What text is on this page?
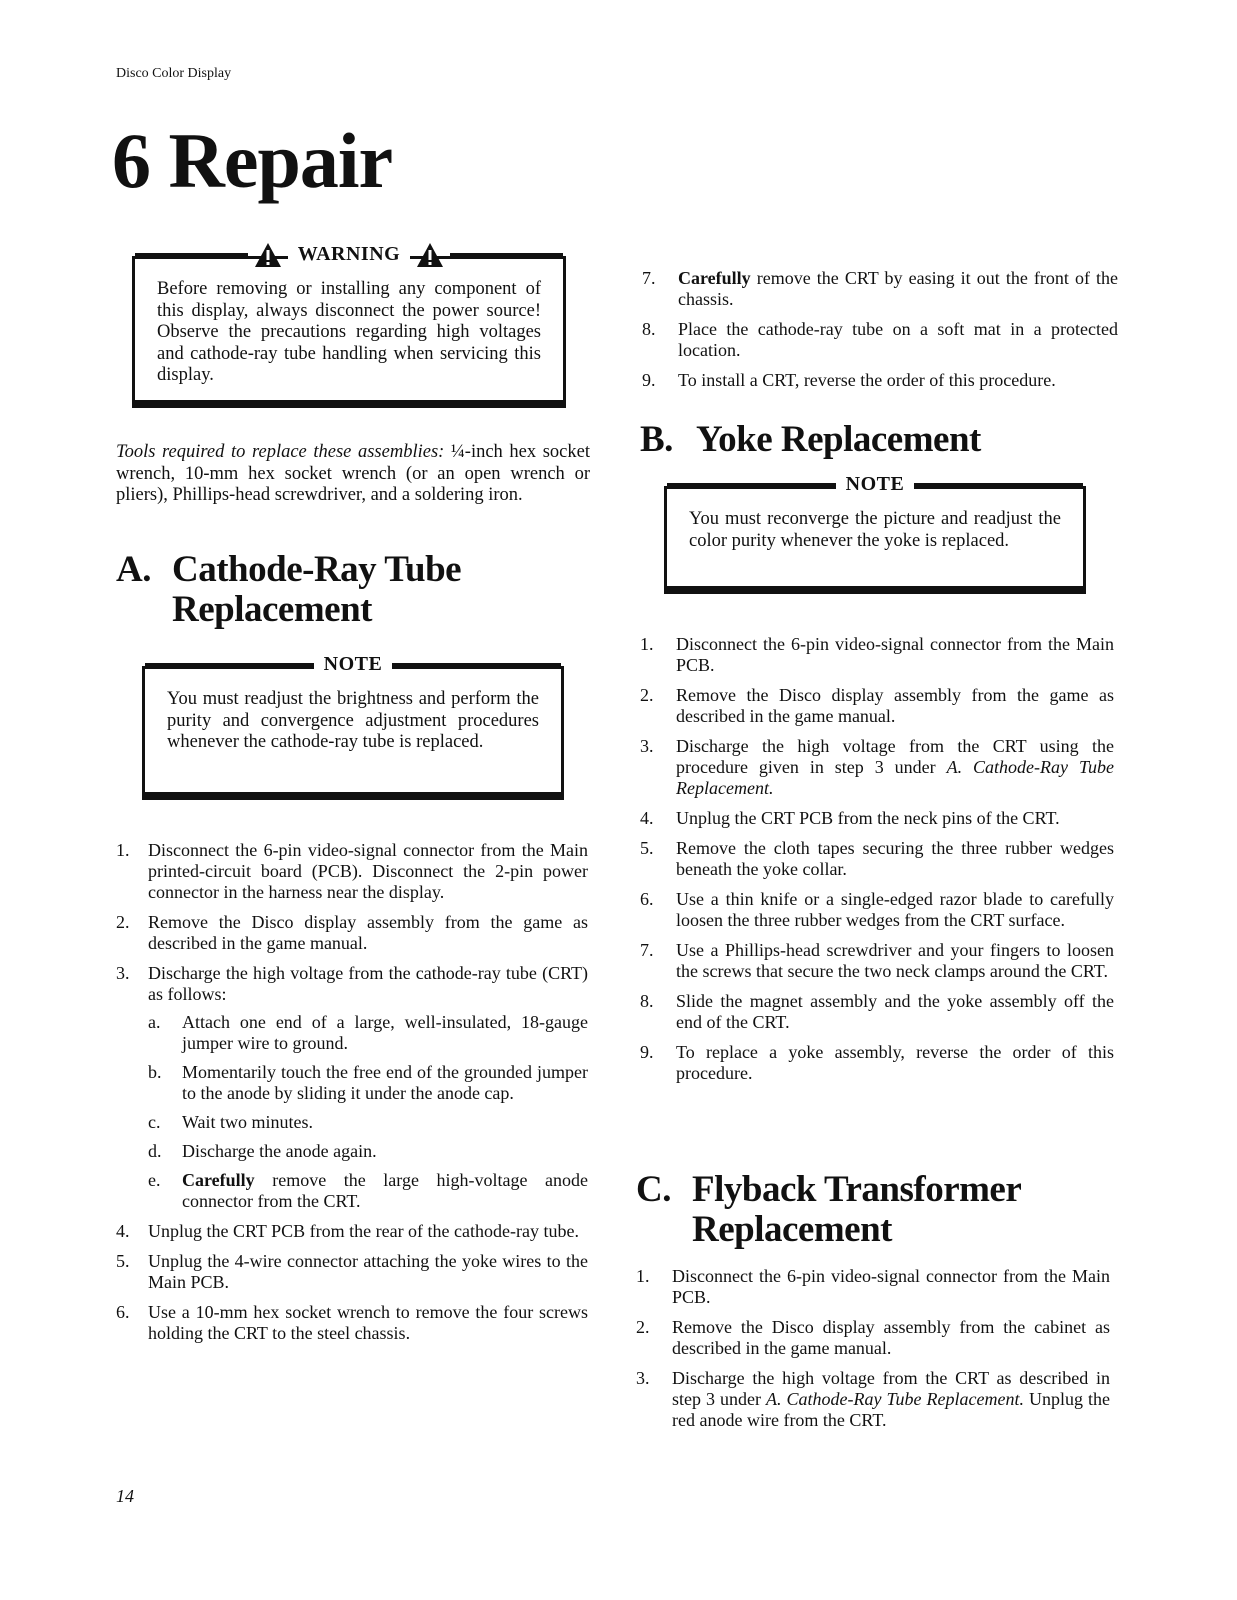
Disco Color Display
6 Repair
WARNING
Before removing or installing any component of this display, always disconnect the power source! Observe the precautions regarding high voltages and cathode-ray tube handling when servicing this display.
Tools required to replace these assemblies: ¼-inch hex socket wrench, 10-mm hex socket wrench (or an open wrench or pliers), Phillips-head screwdriver, and a soldering iron.
A. Cathode-Ray Tube
Replacement
NOTE
You must readjust the brightness and perform the purity and convergence adjustment procedures whenever the cathode-ray tube is replaced.
1.	Disconnect the 6-pin video-signal connector from the Main printed-circuit board (PCB). Disconnect the 2-pin power connector in the harness near the display.
2.	Remove the Disco display assembly from the game as described in the game manual.
3.	Discharge the high voltage from the cathode-ray tube (CRT) as follows:
a.	Attach one end of a large, well-insulated, 18-gauge jumper wire to ground.
b.	Momentarily touch the free end of the grounded jumper to the anode by sliding it under the anode cap.
c.	Wait two minutes.
d.	Discharge the anode again.
e.	Carefully remove the large high-voltage anode connector from the CRT.
4.	Unplug the CRT PCB from the rear of the cathode-ray tube.
5.	Unplug the 4-wire connector attaching the yoke wires to the Main PCB.
6.	Use a 10-mm hex socket wrench to remove the four screws holding the CRT to the steel chassis.
7.	Carefully remove the CRT by easing it out the front of the chassis.
8.	Place the cathode-ray tube on a soft mat in a protected location.
9.	To install a CRT, reverse the order of this procedure.
B. Yoke Replacement
NOTE
You must reconverge the picture and readjust the color purity whenever the yoke is replaced.
1.	Disconnect the 6-pin video-signal connector from the Main PCB.
2.	Remove the Disco display assembly from the game as described in the game manual.
3.	Discharge the high voltage from the CRT using the procedure given in step 3 under A. Cathode-Ray Tube Replacement.
4.	Unplug the CRT PCB from the neck pins of the CRT.
5.	Remove the cloth tapes securing the three rubber wedges beneath the yoke collar.
6.	Use a thin knife or a single-edged razor blade to carefully loosen the three rubber wedges from the CRT surface.
7.	Use a Phillips-head screwdriver and your fingers to loosen the screws that secure the two neck clamps around the CRT.
8.	Slide the magnet assembly and the yoke assembly off the end of the CRT.
9.	To replace a yoke assembly, reverse the order of this procedure.
C. Flyback Transformer
Replacement
1.	Disconnect the 6-pin video-signal connector from the Main PCB.
2.	Remove the Disco display assembly from the cabinet as described in the game manual.
3.	Discharge the high voltage from the CRT as described in step 3 under A. Cathode-Ray Tube Replacement. Unplug the red anode wire from the CRT.
14
